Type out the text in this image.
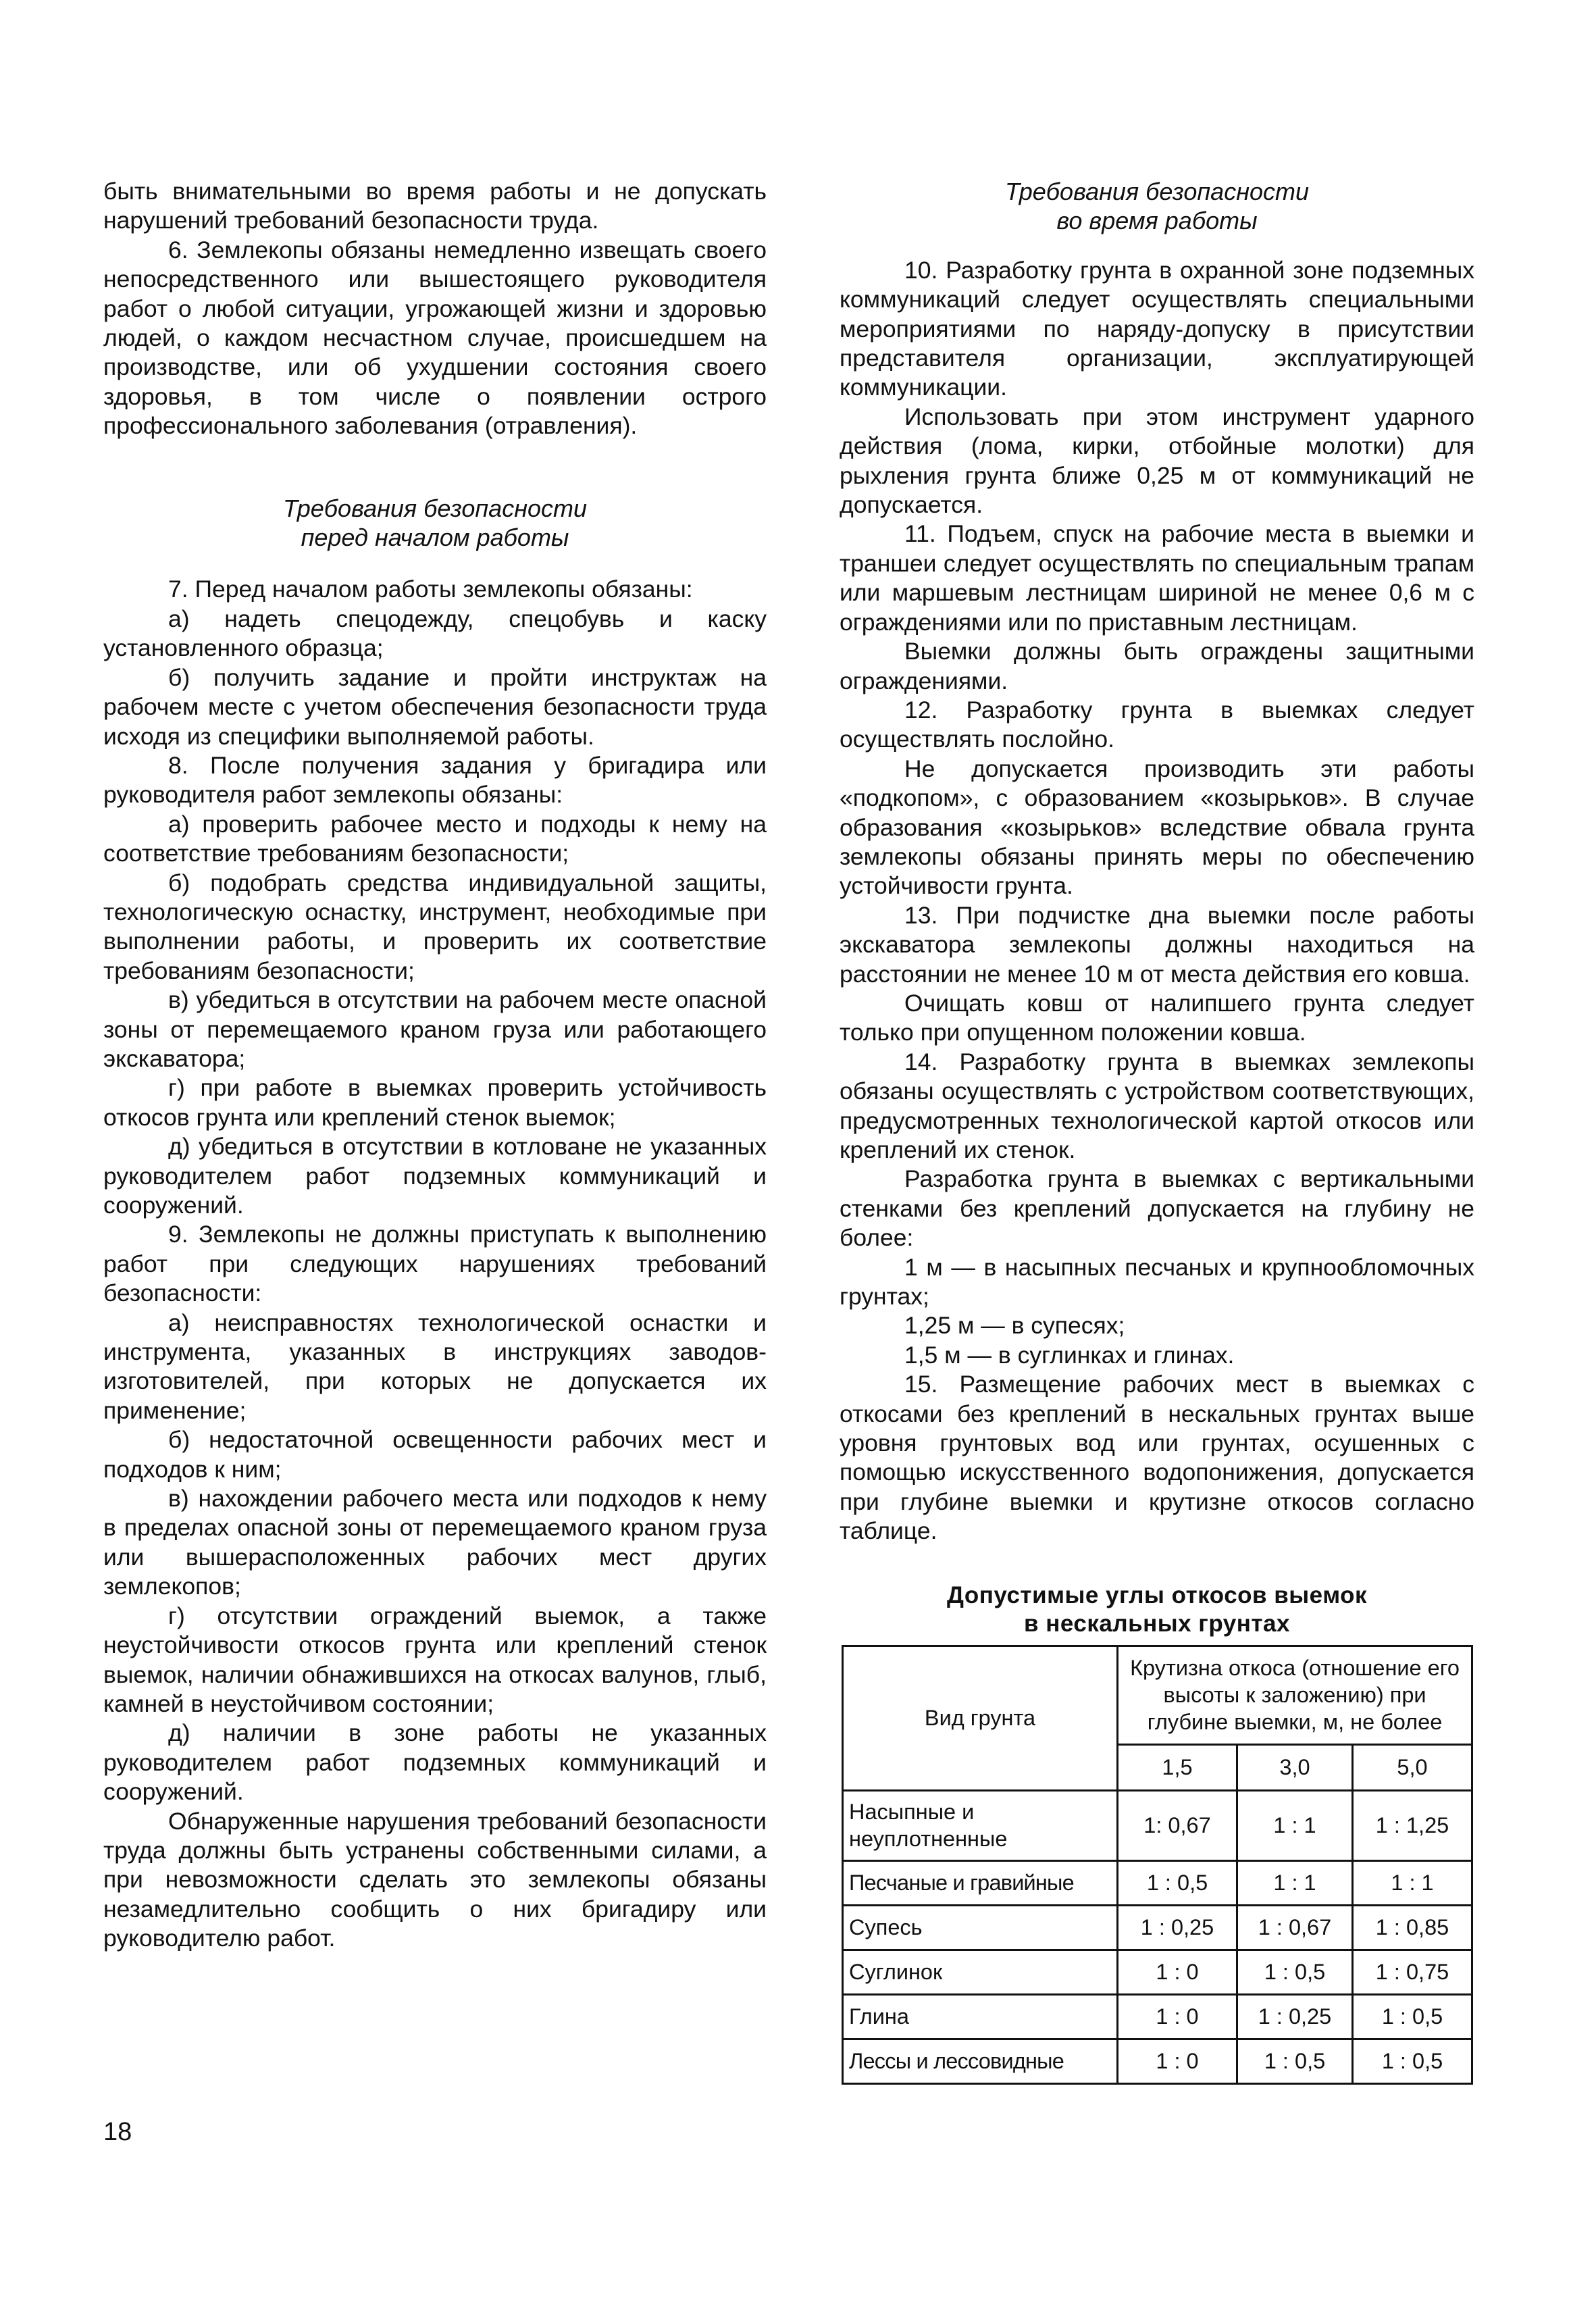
быть внимательными во время работы и не допускать нарушений требований безопасности труда.

6. Землекопы обязаны немедленно извещать своего непосредственного или вышестоящего руководителя работ о любой ситуации, угрожающей жизни и здоровью людей, о каждом несчастном случае, происшедшем на производстве, или об ухудшении состояния своего здоровья, в том числе о появлении острого профессионального заболевания (отравления).

Требования безопасности
перед началом работы

7. Перед началом работы землекопы обязаны:

а) надеть спецодежду, спецобувь и каску установленного образца;

б) получить задание и пройти инструктаж на рабочем месте с учетом обеспечения безопасности труда исходя из специфики выполняемой работы.

8. После получения задания у бригадира или руководителя работ землекопы обязаны:

а) проверить рабочее место и подходы к нему на соответствие требованиям безопасности;

б) подобрать средства индивидуальной защиты, технологическую оснастку, инструмент, необходимые при выполнении работы, и проверить их соответствие требованиям безопасности;

в) убедиться в отсутствии на рабочем месте опасной зоны от перемещаемого краном груза или работающего экскаватора;

г) при работе в выемках проверить устойчивость откосов грунта или креплений стенок выемок;

д) убедиться в отсутствии в котловане не указанных руководителем работ подземных коммуникаций и сооружений.

9. Землекопы не должны приступать к выполнению работ при следующих нарушениях требований безопасности:

а) неисправностях технологической оснастки и инструмента, указанных в инструкциях заводов-изготовителей, при которых не допускается их применение;

б) недостаточной освещенности рабочих мест и подходов к ним;

в) нахождении рабочего места или подходов к нему в пределах опасной зоны от перемещаемого краном груза или вышерасположенных рабочих мест других землекопов;

г) отсутствии ограждений выемок, а также неустойчивости откосов грунта или креплений стенок выемок, наличии обнажившихся на откосах валунов, глыб, камней в неустойчивом состоянии;

д) наличии в зоне работы не указанных руководителем работ подземных коммуникаций и сооружений.

Обнаруженные нарушения требований безопасности труда должны быть устранены собственными силами, а при невозможности сделать это землекопы обязаны незамедлительно сообщить о них бригадиру или руководителю работ.

Требования безопасности
во время работы

10. Разработку грунта в охранной зоне подземных коммуникаций следует осуществлять специальными мероприятиями по наряду-допуску в присутствии представителя организации, эксплуатирующей коммуникации.

Использовать при этом инструмент ударного действия (лома, кирки, отбойные молотки) для рыхления грунта ближе 0,25 м от коммуникаций не допускается.

11. Подъем, спуск на рабочие места в выемки и траншеи следует осуществлять по специальным трапам или маршевым лестницам шириной не менее 0,6 м с ограждениями или по приставным лестницам.

Выемки должны быть ограждены защитными ограждениями.

12. Разработку грунта в выемках следует осуществлять послойно.

Не допускается производить эти работы «подкопом», с образованием «козырьков». В случае образования «козырьков» вследствие обвала грунта землекопы обязаны принять меры по обеспечению устойчивости грунта.

13. При подчистке дна выемки после работы экскаватора землекопы должны находиться на расстоянии не менее 10 м от места действия его ковша.

Очищать ковш от налипшего грунта следует только при опущенном положении ковша.

14. Разработку грунта в выемках землекопы обязаны осуществлять с устройством соответствующих, предусмотренных технологической картой откосов или креплений их стенок.

Разработка грунта в выемках с вертикальными стенками без креплений допускается на глубину не более:

1 м — в насыпных песчаных и крупнообломочных грунтах;

1,25 м — в супесях;

1,5 м — в суглинках и глинах.

15. Размещение рабочих мест в выемках с откосами без креплений в нескальных грунтах выше уровня грунтовых вод или грунтах, осушенных с помощью искусственного водопонижения, допускается при глубине выемки и крутизне откосов согласно таблице.

Допустимые углы откосов выемок
в нескальных грунтах
Вид грунта	Крутизна откоса (отношение его высоты к заложению) при глубине выемки, м, не более		
	1,5	3,0	5,0
Насыпные и неуплотненные	1: 0,67	1 : 1	1 : 1,25
Песчаные и гравийные	1 : 0,5	1 : 1	1 : 1
Супесь	1 : 0,25	1 : 0,67	1 : 0,85
Суглинок	1 : 0	1 : 0,5	1 : 0,75
Глина	1 : 0	1 : 0,25	1 : 0,5
Лессы и лессовидные	1 : 0	1 : 0,5	1 : 0,5
18
